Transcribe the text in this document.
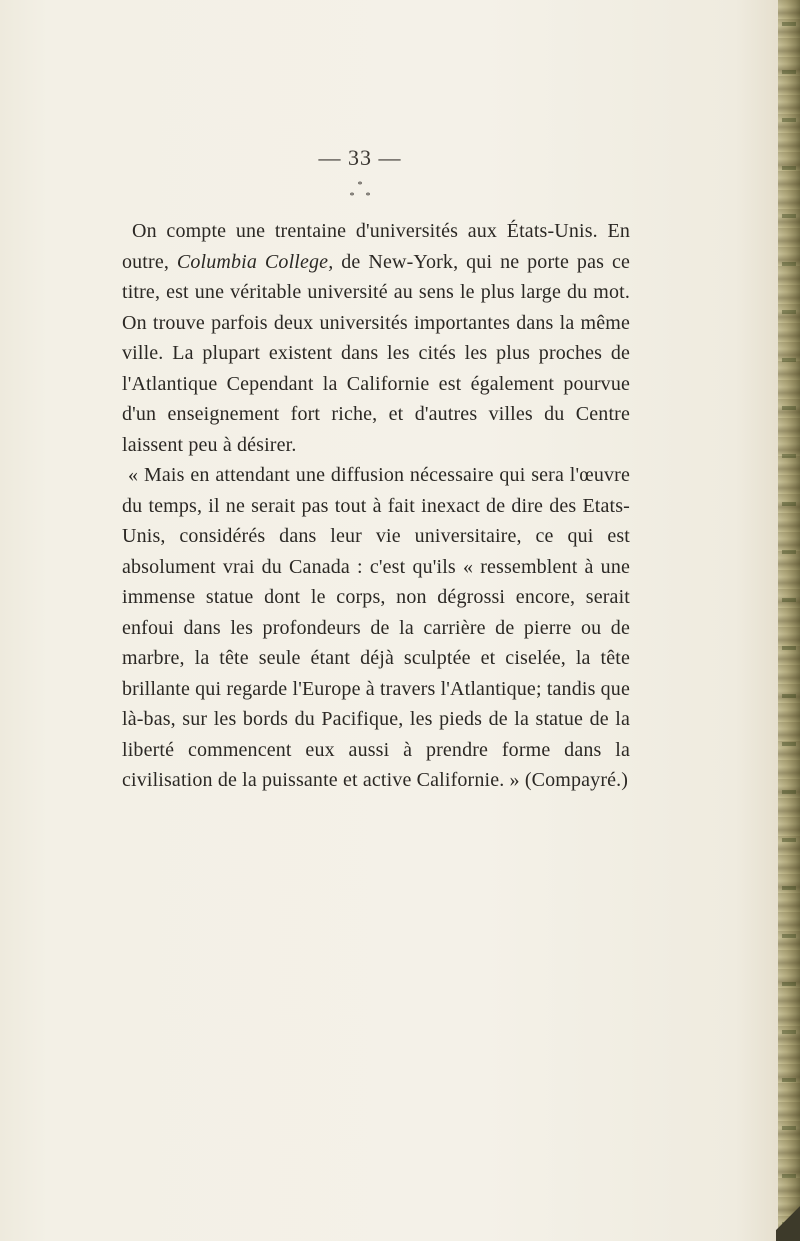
— 33 —
*
* *

On compte une trentaine d'universités aux États-Unis. En outre, Columbia College, de New-York, qui ne porte pas ce titre, est une véritable université au sens le plus large du mot. On trouve parfois deux universités importantes dans la même ville. La plupart existent dans les cités les plus proches de l'Atlantique Cependant la Californie est également pourvue d'un enseignement fort riche, et d'autres villes du Centre laissent peu à désirer.

« Mais en attendant une diffusion nécessaire qui sera l'œuvre du temps, il ne serait pas tout à fait inexact de dire des Etats-Unis, considérés dans leur vie universitaire, ce qui est absolument vrai du Canada : c'est qu'ils « ressemblent à une immense statue dont le corps, non dégrossi encore, serait enfoui dans les profondeurs de la carrière de pierre ou de marbre, la tête seule étant déjà sculptée et ciselée, la tête brillante qui regarde l'Europe à travers l'Atlantique; tandis que là-bas, sur les bords du Pacifique, les pieds de la statue de la liberté commencent eux aussi à prendre forme dans la civilisation de la puissante et active Californie. » (Compayré.)
